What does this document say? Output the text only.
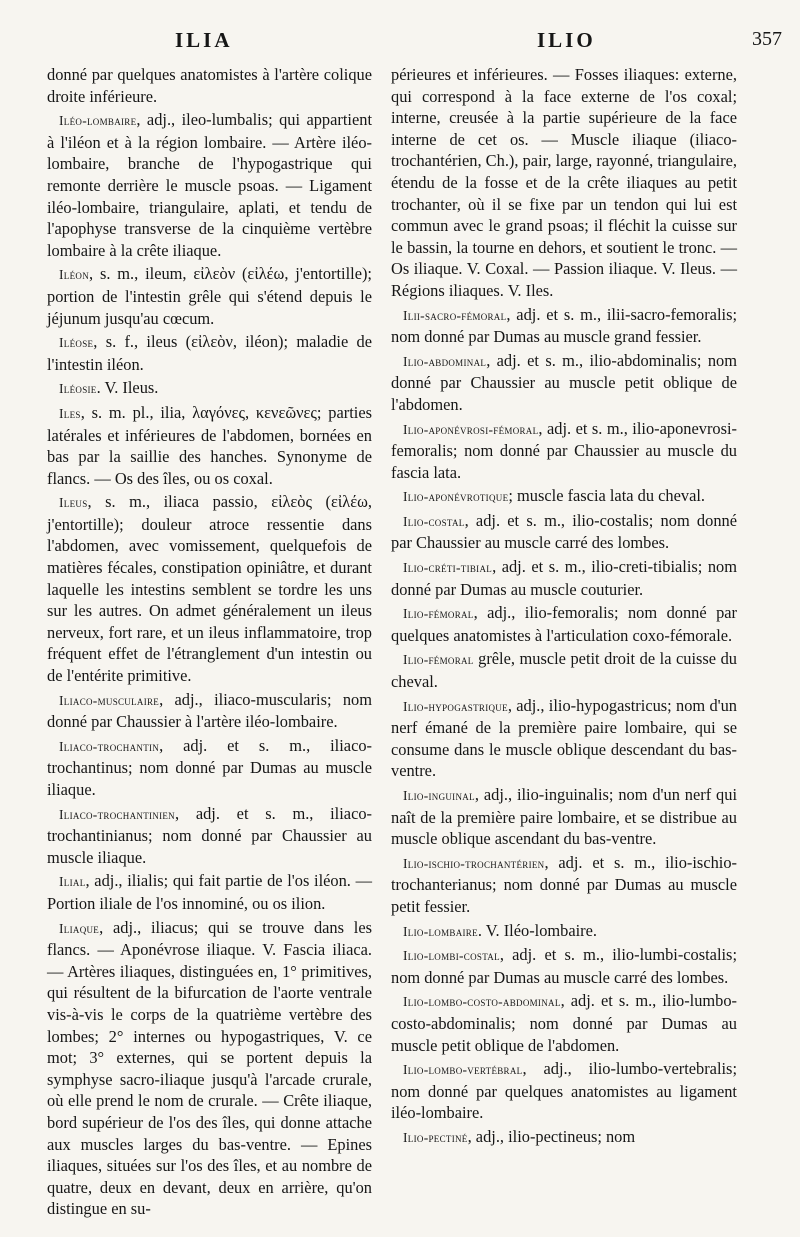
ILIA	ILIO	357

donné par quelques anatomistes à l'artère colique droite inférieure.

Iléo-lombaire, adj., ileo-lumbalis; qui appartient à l'iléon et à la région lombaire. — Artère iléo-lombaire, branche de l'hypogastrique qui remonte derrière le muscle psoas. — Ligament iléo-lombaire, triangulaire, aplati, et tendu de l'apophyse transverse de la cinquième vertèbre lombaire à la crête iliaque.

Iléon, s. m., ileum, εἰλεὸν (εἰλέω, j'entortille); portion de l'intestin grêle qui s'étend depuis le jéjunum jusqu'au cœcum.

Iléose, s. f., ileus (εἰλεὸν, iléon); maladie de l'intestin iléon.

Iléosie. V. Ileus.

Iles, s. m. pl., ilia, λαγόνες, κενεῶνες; parties latérales et inférieures de l'abdomen, bornées en bas par la saillie des hanches. Synonyme de flancs. — Os des îles, ou os coxal.

Ileus, s. m., iliaca passio, εἰλεὸς (εἰλέω, j'entortille); douleur atroce ressentie dans l'abdomen, avec vomissement, quelquefois de matières fécales, constipation opiniâtre, et durant laquelle les intestins semblent se tordre les uns sur les autres. On admet généralement un ileus nerveux, fort rare, et un ileus inflammatoire, trop fréquent effet de l'étranglement d'un intestin ou de l'entérite primitive.

Iliaco-musculaire, adj., iliaco-muscularis; nom donné par Chaussier à l'artère iléo-lombaire.

Iliaco-trochantin, adj. et s. m., iliaco-trochantinus; nom donné par Dumas au muscle iliaque.

Iliaco-trochantinien, adj. et s. m., iliaco-trochantinianus; nom donné par Chaussier au muscle iliaque.

Ilial, adj., ilialis; qui fait partie de l'os iléon. — Portion iliale de l'os innominé, ou os ilion.

Iliaque, adj., iliacus; qui se trouve dans les flancs. — Aponévrose iliaque. V. Fascia iliaca. — Artères iliaques, distinguées en, 1° primitives, qui résultent de la bifurcation de l'aorte ventrale vis-à-vis le corps de la quatrième vertèbre des lombes; 2° internes ou hypogastriques, V. ce mot; 3° externes, qui se portent depuis la symphyse sacro-iliaque jusqu'à l'arcade crurale, où elle prend le nom de crurale. — Crête iliaque, bord supérieur de l'os des îles, qui donne attache aux muscles larges du bas-ventre. — Epines iliaques, situées sur l'os des îles, et au nombre de quatre, deux en devant, deux en arrière, qu'on distingue en su-

périeures et inférieures. — Fosses iliaques: externe, qui correspond à la face externe de l'os coxal; interne, creusée à la partie supérieure de la face interne de cet os. — Muscle iliaque (iliaco-trochantérien, Ch.), pair, large, rayonné, triangulaire, étendu de la fosse et de la crête iliaques au petit trochanter, où il se fixe par un tendon qui lui est commun avec le grand psoas; il fléchit la cuisse sur le bassin, la tourne en dehors, et soutient le tronc. — Os iliaque. V. Coxal. — Passion iliaque. V. Ileus. — Régions iliaques. V. Iles.

Ilii-sacro-fémoral, adj. et s. m., ilii-sacro-femoralis; nom donné par Dumas au muscle grand fessier.

Ilio-abdominal, adj. et s. m., ilio-abdominalis; nom donné par Chaussier au muscle petit oblique de l'abdomen.

Ilio-aponévrosi-fémoral, adj. et s. m., ilio-aponevrosi-femoralis; nom donné par Chaussier au muscle du fascia lata.

Ilio-aponévrotique; muscle fascia lata du cheval.

Ilio-costal, adj. et s. m., ilio-costalis; nom donné par Chaussier au muscle carré des lombes.

Ilio-créti-tibial, adj. et s. m., ilio-creti-tibialis; nom donné par Dumas au muscle couturier.

Ilio-fémoral, adj., ilio-femoralis; nom donné par quelques anatomistes à l'articulation coxo-fémorale.

Ilio-fémoral grêle, muscle petit droit de la cuisse du cheval.

Ilio-hypogastrique, adj., ilio-hypogastricus; nom d'un nerf émané de la première paire lombaire, qui se consume dans le muscle oblique descendant du bas-ventre.

Ilio-inguinal, adj., ilio-inguinalis; nom d'un nerf qui naît de la première paire lombaire, et se distribue au muscle oblique ascendant du bas-ventre.

Ilio-ischio-trochantérien, adj. et s. m., ilio-ischio-trochanterianus; nom donné par Dumas au muscle petit fessier.

Ilio-lombaire. V. Iléo-lombaire.

Ilio-lombi-costal, adj. et s. m., ilio-lumbi-costalis; nom donné par Dumas au muscle carré des lombes.

Ilio-lombo-costo-abdominal, adj. et s. m., ilio-lumbo-costo-abdominalis; nom donné par Dumas au muscle petit oblique de l'abdomen.

Ilio-lombo-vertébral, adj., ilio-lumbo-vertebralis; nom donné par quelques anatomistes au ligament iléo-lombaire.

Ilio-pectiné, adj., ilio-pectineus; nom
